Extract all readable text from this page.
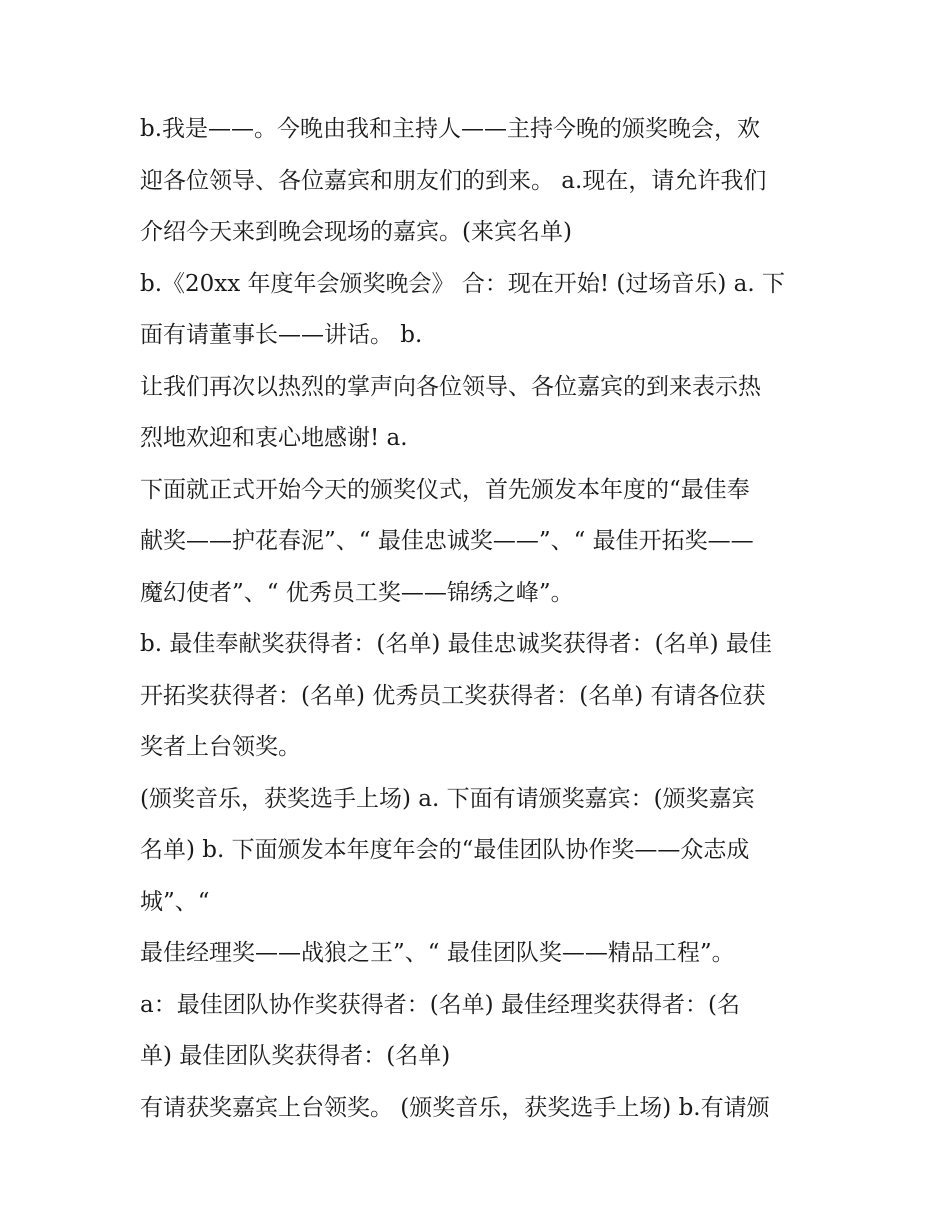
b.我是——。今晚由我和主持人——主持今晚的颁奖晚会，欢
迎各位领导、各位嘉宾和朋友们的到来。 a.现在，请允许我们
介绍今天来到晚会现场的嘉宾。(来宾名单)
b.《20xx 年度年会颁奖晚会》 合：现在开始! (过场音乐) a. 下
面有请董事长——讲话。 b.
让我们再次以热烈的掌声向各位领导、各位嘉宾的到来表示热
烈地欢迎和衷心地感谢! a.
下面就正式开始今天的颁奖仪式，首先颁发本年度的“最佳奉
献奖——护花春泥”、“ 最佳忠诚奖——”、“ 最佳开拓奖——
魔幻使者”、“ 优秀员工奖——锦绣之峰”。
b. 最佳奉献奖获得者：(名单) 最佳忠诚奖获得者：(名单) 最佳
开拓奖获得者：(名单) 优秀员工奖获得者：(名单) 有请各位获
奖者上台领奖。
(颁奖音乐，获奖选手上场) a. 下面有请颁奖嘉宾：(颁奖嘉宾
名单) b. 下面颁发本年度年会的“最佳团队协作奖——众志成
城”、“
最佳经理奖——战狼之王”、“ 最佳团队奖——精品工程”。
a：最佳团队协作奖获得者：(名单) 最佳经理奖获得者：(名
单) 最佳团队奖获得者：(名单)
有请获奖嘉宾上台领奖。 (颁奖音乐，获奖选手上场) b.有请颁
